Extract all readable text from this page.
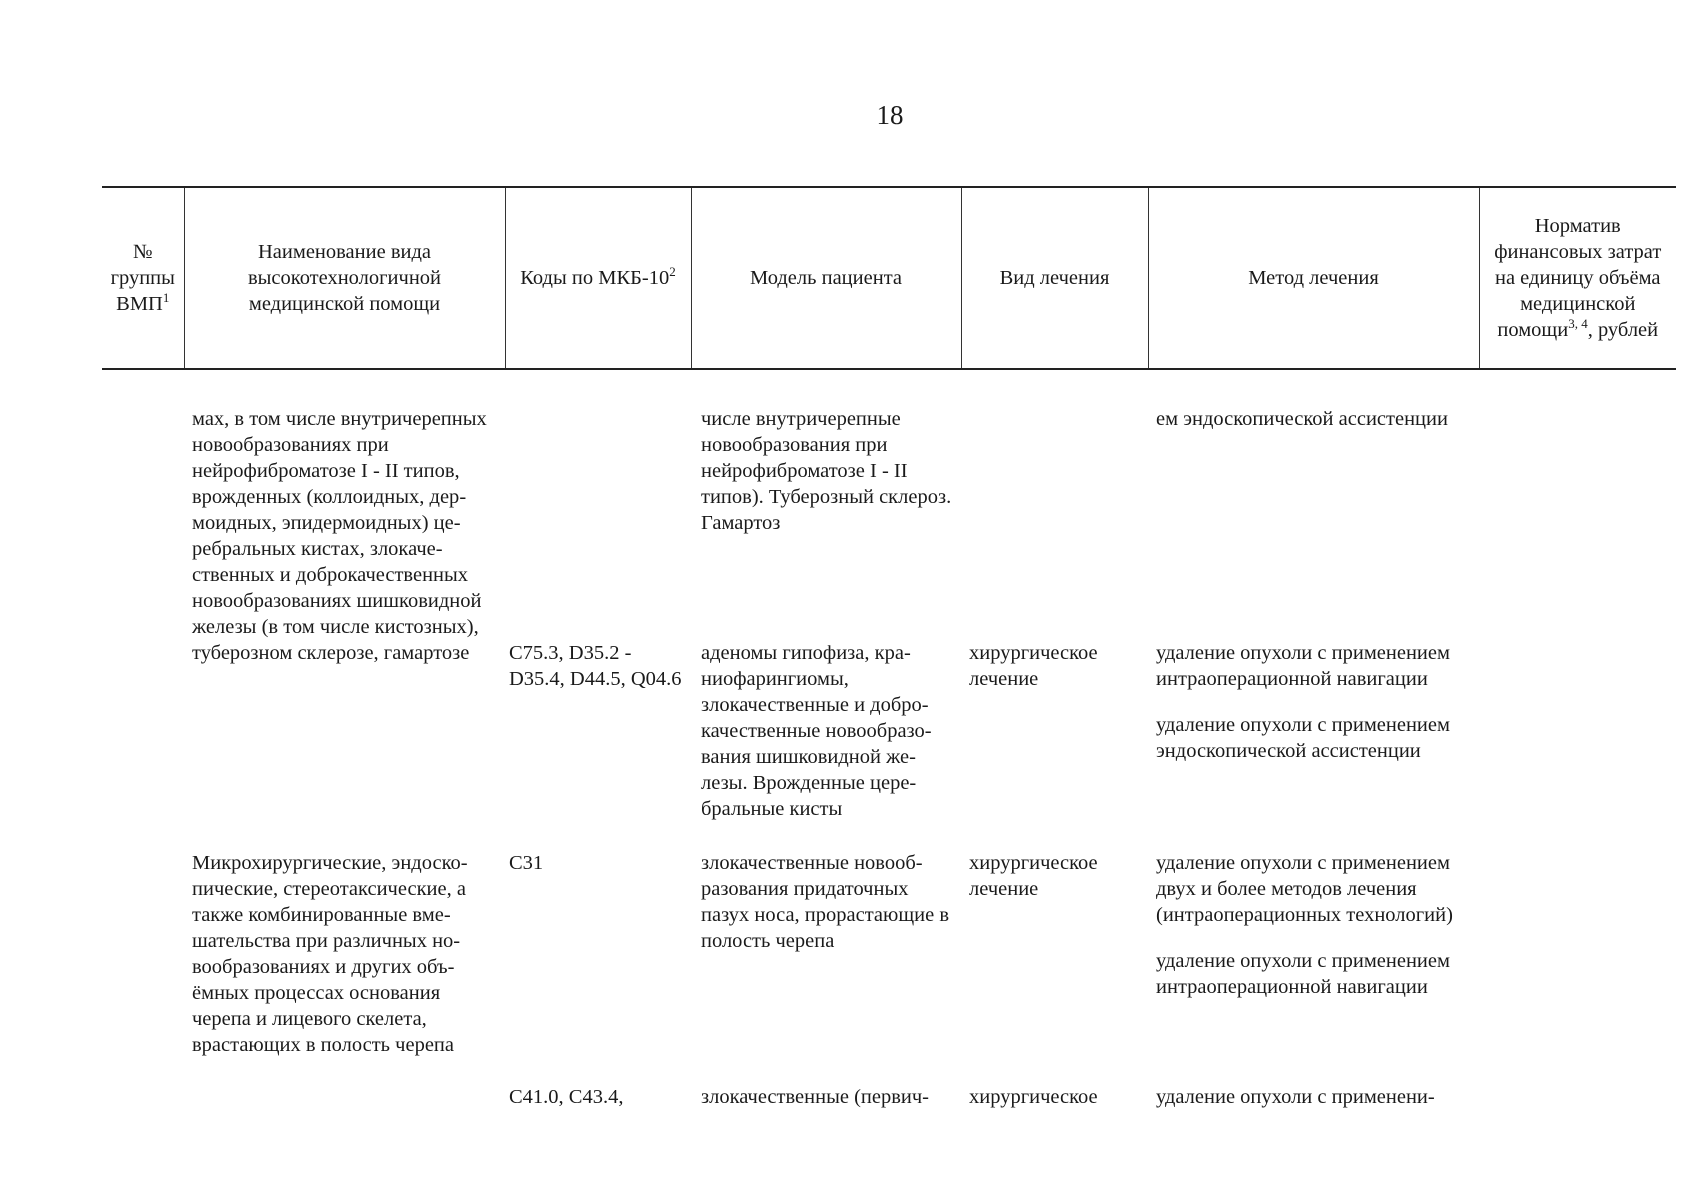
18
№ группы ВМП$^1$	Наименование вида высокотехнологичной медицинской помощи	Коды по МКБ-$10^2$	Модель пациента	Вид лечения	Метод лечения	Норматив финансовых затрат на единицу объёма медицинской помощи$^{3, 4}$, рублей
	мах, в том числе внутричерепных новообразованиях при нейрофиброматозе I - II типов, врожденных (коллоидных, дермоидных, эпидермоидных) церебральных кистах, злокачественных и доброкачественных новообразованиях шишковидной		числе внутричерепные новообразования при нейрофиброматозе I - II типов). Туберозный склероз. Гамартоз		ем эндоскопической ассистенции	

	железы (в том числе кистозных), туберозном склерозе, гамартозе	C75.3, D35.2 - D35.4, D44.5, Q04.6	аденомы гипофиза, краниофарингиомы, злокачественные и доброкачественные новообразования шишковидной железы. Врожденные церебральные кисты	хирургическое лечение	удаление опухоли с применением интраоперационной навигации
удаление опухоли с применением эндоскопической ассистенции	

	Микрохирургические, эндоскопические, стереотаксические, а также комбинированные вмешательства при различных новообразованиях и других объёмных процессах основания черепа и лицевого скелета, врастающих в полость черепа	C31	злокачественные новообразования придаточных пазух носа, прорастающие в полость черепа	хирургическое лечение	удаление опухоли с применением двух и более методов лечения (интраоперационных технологий)
удаление опухоли с применением интраоперационной навигации	

		C41.0, C43.4,	злокачественные (первич-	хирургическое	удаление опухоли с применени-	
